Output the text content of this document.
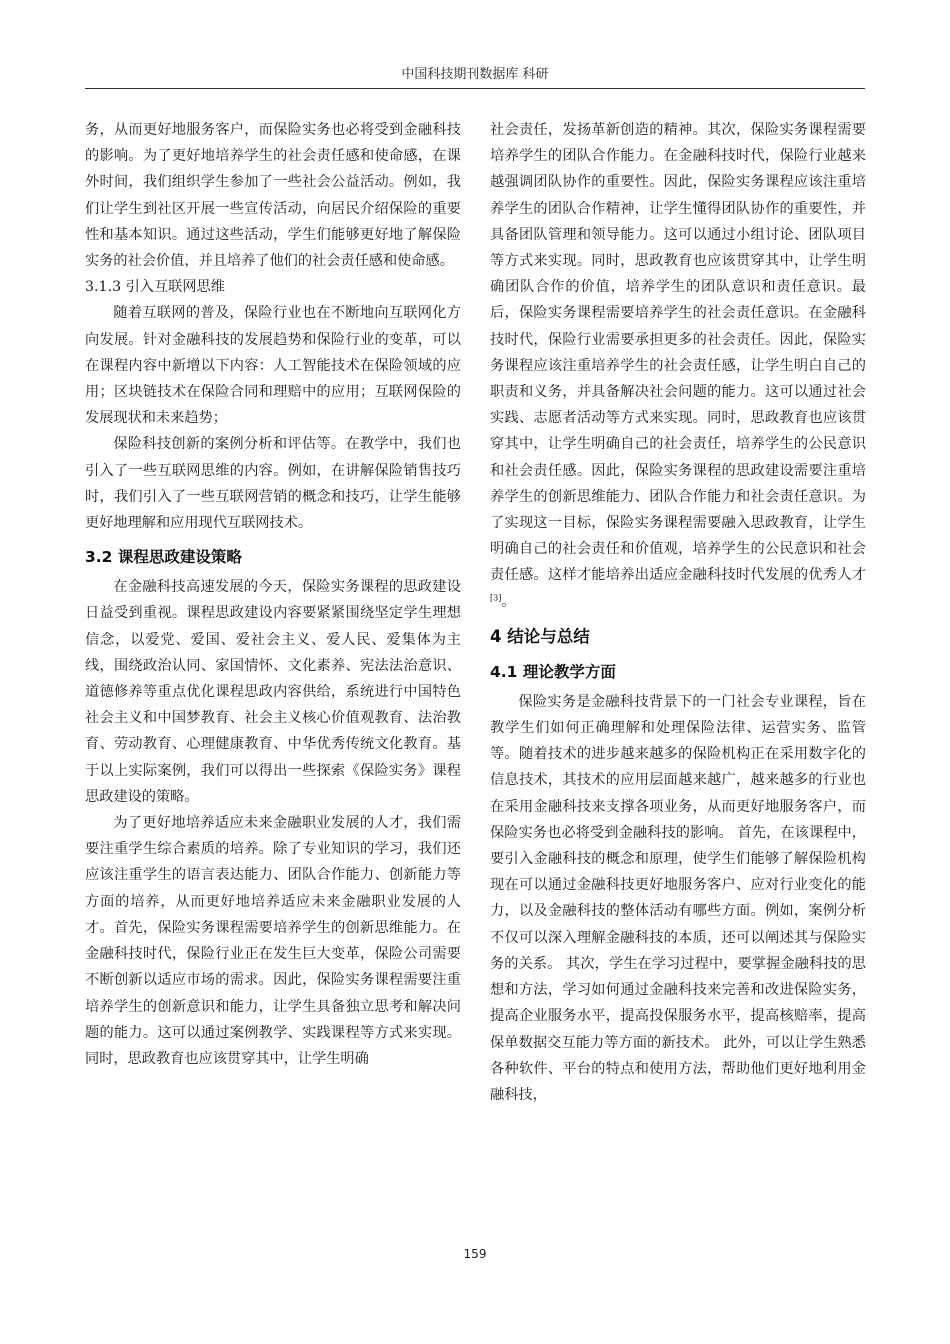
中国科技期刊数据库 科研

务，从而更好地服务客户，而保险实务也必将受到金融科技的影响。为了更好地培养学生的社会责任感和使命感，在课外时间，我们组织学生参加了一些社会公益活动。例如，我们让学生到社区开展一些宣传活动，向居民介绍保险的重要性和基本知识。通过这些活动，学生们能够更好地了解保险实务的社会价值，并且培养了他们的社会责任感和使命感。

3.1.3 引入互联网思维

随着互联网的普及，保险行业也在不断地向互联网化方向发展。针对金融科技的发展趋势和保险行业的变革，可以在课程内容中新增以下内容：人工智能技术在保险领域的应用；区块链技术在保险合同和理赔中的应用；互联网保险的发展现状和未来趋势；

保险科技创新的案例分析和评估等。在教学中，我们也引入了一些互联网思维的内容。例如，在讲解保险销售技巧时，我们引入了一些互联网营销的概念和技巧，让学生能够更好地理解和应用现代互联网技术。

3.2 课程思政建设策略

在金融科技高速发展的今天，保险实务课程的思政建设日益受到重视。课程思政建设内容要紧紧围绕坚定学生理想信念，以爱党、爱国、爱社会主义、爱人民、爱集体为主线，围绕政治认同、家国情怀、文化素养、宪法法治意识、道德修养等重点优化课程思政内容供给，系统进行中国特色社会主义和中国梦教育、社会主义核心价值观教育、法治教育、劳动教育、心理健康教育、中华优秀传统文化教育。基于以上实际案例，我们可以得出一些探索《保险实务》课程思政建设的策略。

为了更好地培养适应未来金融职业发展的人才，我们需要注重学生综合素质的培养。除了专业知识的学习，我们还应该注重学生的语言表达能力、团队合作能力、创新能力等方面的培养，从而更好地培养适应未来金融职业发展的人才。首先，保险实务课程需要培养学生的创新思维能力。在金融科技时代，保险行业正在发生巨大变革，保险公司需要不断创新以适应市场的需求。因此，保险实务课程需要注重培养学生的创新意识和能力，让学生具备独立思考和解决问题的能力。这可以通过案例教学、实践课程等方式来实现。同时，思政教育也应该贯穿其中，让学生明确

社会责任，发扬革新创造的精神。其次，保险实务课程需要培养学生的团队合作能力。在金融科技时代，保险行业越来越强调团队协作的重要性。因此，保险实务课程应该注重培养学生的团队合作精神，让学生懂得团队协作的重要性，并具备团队管理和领导能力。这可以通过小组讨论、团队项目等方式来实现。同时，思政教育也应该贯穿其中，让学生明确团队合作的价值，培养学生的团队意识和责任意识。最后，保险实务课程需要培养学生的社会责任意识。在金融科技时代，保险行业需要承担更多的社会责任。因此，保险实务课程应该注重培养学生的社会责任感，让学生明白自己的职责和义务，并具备解决社会问题的能力。这可以通过社会实践、志愿者活动等方式来实现。同时，思政教育也应该贯穿其中，让学生明确自己的社会责任，培养学生的公民意识和社会责任感。因此，保险实务课程的思政建设需要注重培养学生的创新思维能力、团队合作能力和社会责任意识。为了实现这一目标，保险实务课程需要融入思政教育，让学生明确自己的社会责任和价值观，培养学生的公民意识和社会责任感。这样才能培养出适应金融科技时代发展的优秀人才[3]。

4 结论与总结
4.1 理论教学方面

保险实务是金融科技背景下的一门社会专业课程，旨在教学生们如何正确理解和处理保险法律、运营实务、监管等。随着技术的进步越来越多的保险机构正在采用数字化的信息技术，其技术的应用层面越来越广，越来越多的行业也在采用金融科技来支撑各项业务，从而更好地服务客户，而保险实务也必将受到金融科技的影响。 首先，在该课程中，要引入金融科技的概念和原理，使学生们能够了解保险机构现在可以通过金融科技更好地服务客户、应对行业变化的能力，以及金融科技的整体活动有哪些方面。例如，案例分析不仅可以深入理解金融科技的本质，还可以阐述其与保险实务的关系。 其次，学生在学习过程中，要掌握金融科技的思想和方法，学习如何通过金融科技来完善和改进保险实务，提高企业服务水平，提高投保服务水平，提高核赔率，提高保单数据交互能力等方面的新技术。 此外，可以让学生熟悉各种软件、平台的特点和使用方法，帮助他们更好地利用金融科技，

159
